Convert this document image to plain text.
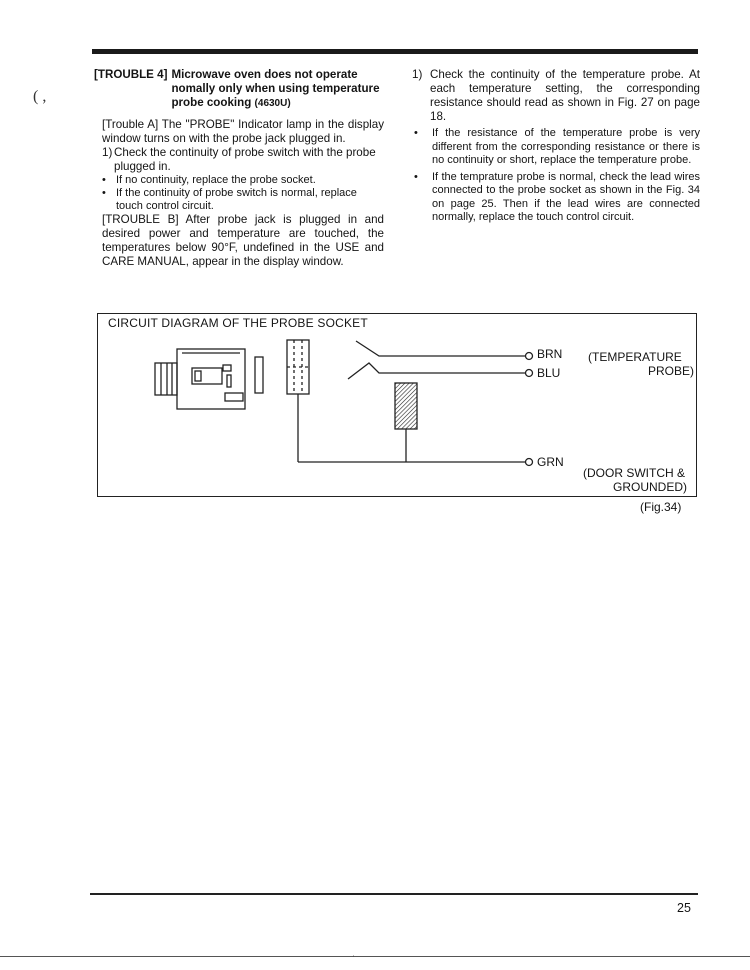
( ,
[TROUBLE 4] Microwave oven does not operate nomally only when using temperature probe cooking (4630U)
[Trouble A] The "PROBE" Indicator lamp in the display window turns on with the probe jack plugged in.
1) Check the continuity of probe switch with the probe plugged in.
• If no continuity, replace the probe socket.
• If the continuity of probe switch is normal, replace touch control circuit.
[TROUBLE B] After probe jack is plugged in and desired power and temperature are touched, the temperatures below 90°F, undefined in the USE and CARE MANUAL, appear in the display window.
1) Check the continuity of the temperature probe. At each temperature setting, the corresponding resistance should read as shown in Fig. 27 on page 18.
•	If the resistance of the temperature probe is very different from the corresponding resistance or there is no continuity or short, replace the temperature probe.
•	If the temprature probe is normal, check the lead wires connected to the probe socket as shown in the Fig. 34 on page 25. Then if the lead wires are connected normally, replace the touch control circuit.
CIRCUIT DIAGRAM OF THE PROBE SOCKET
BRN
BLU
GRN
(TEMPERATURE
PROBE)
(DOOR SWITCH &
GROUNDED)
(Fig.34)
25
ˌ
